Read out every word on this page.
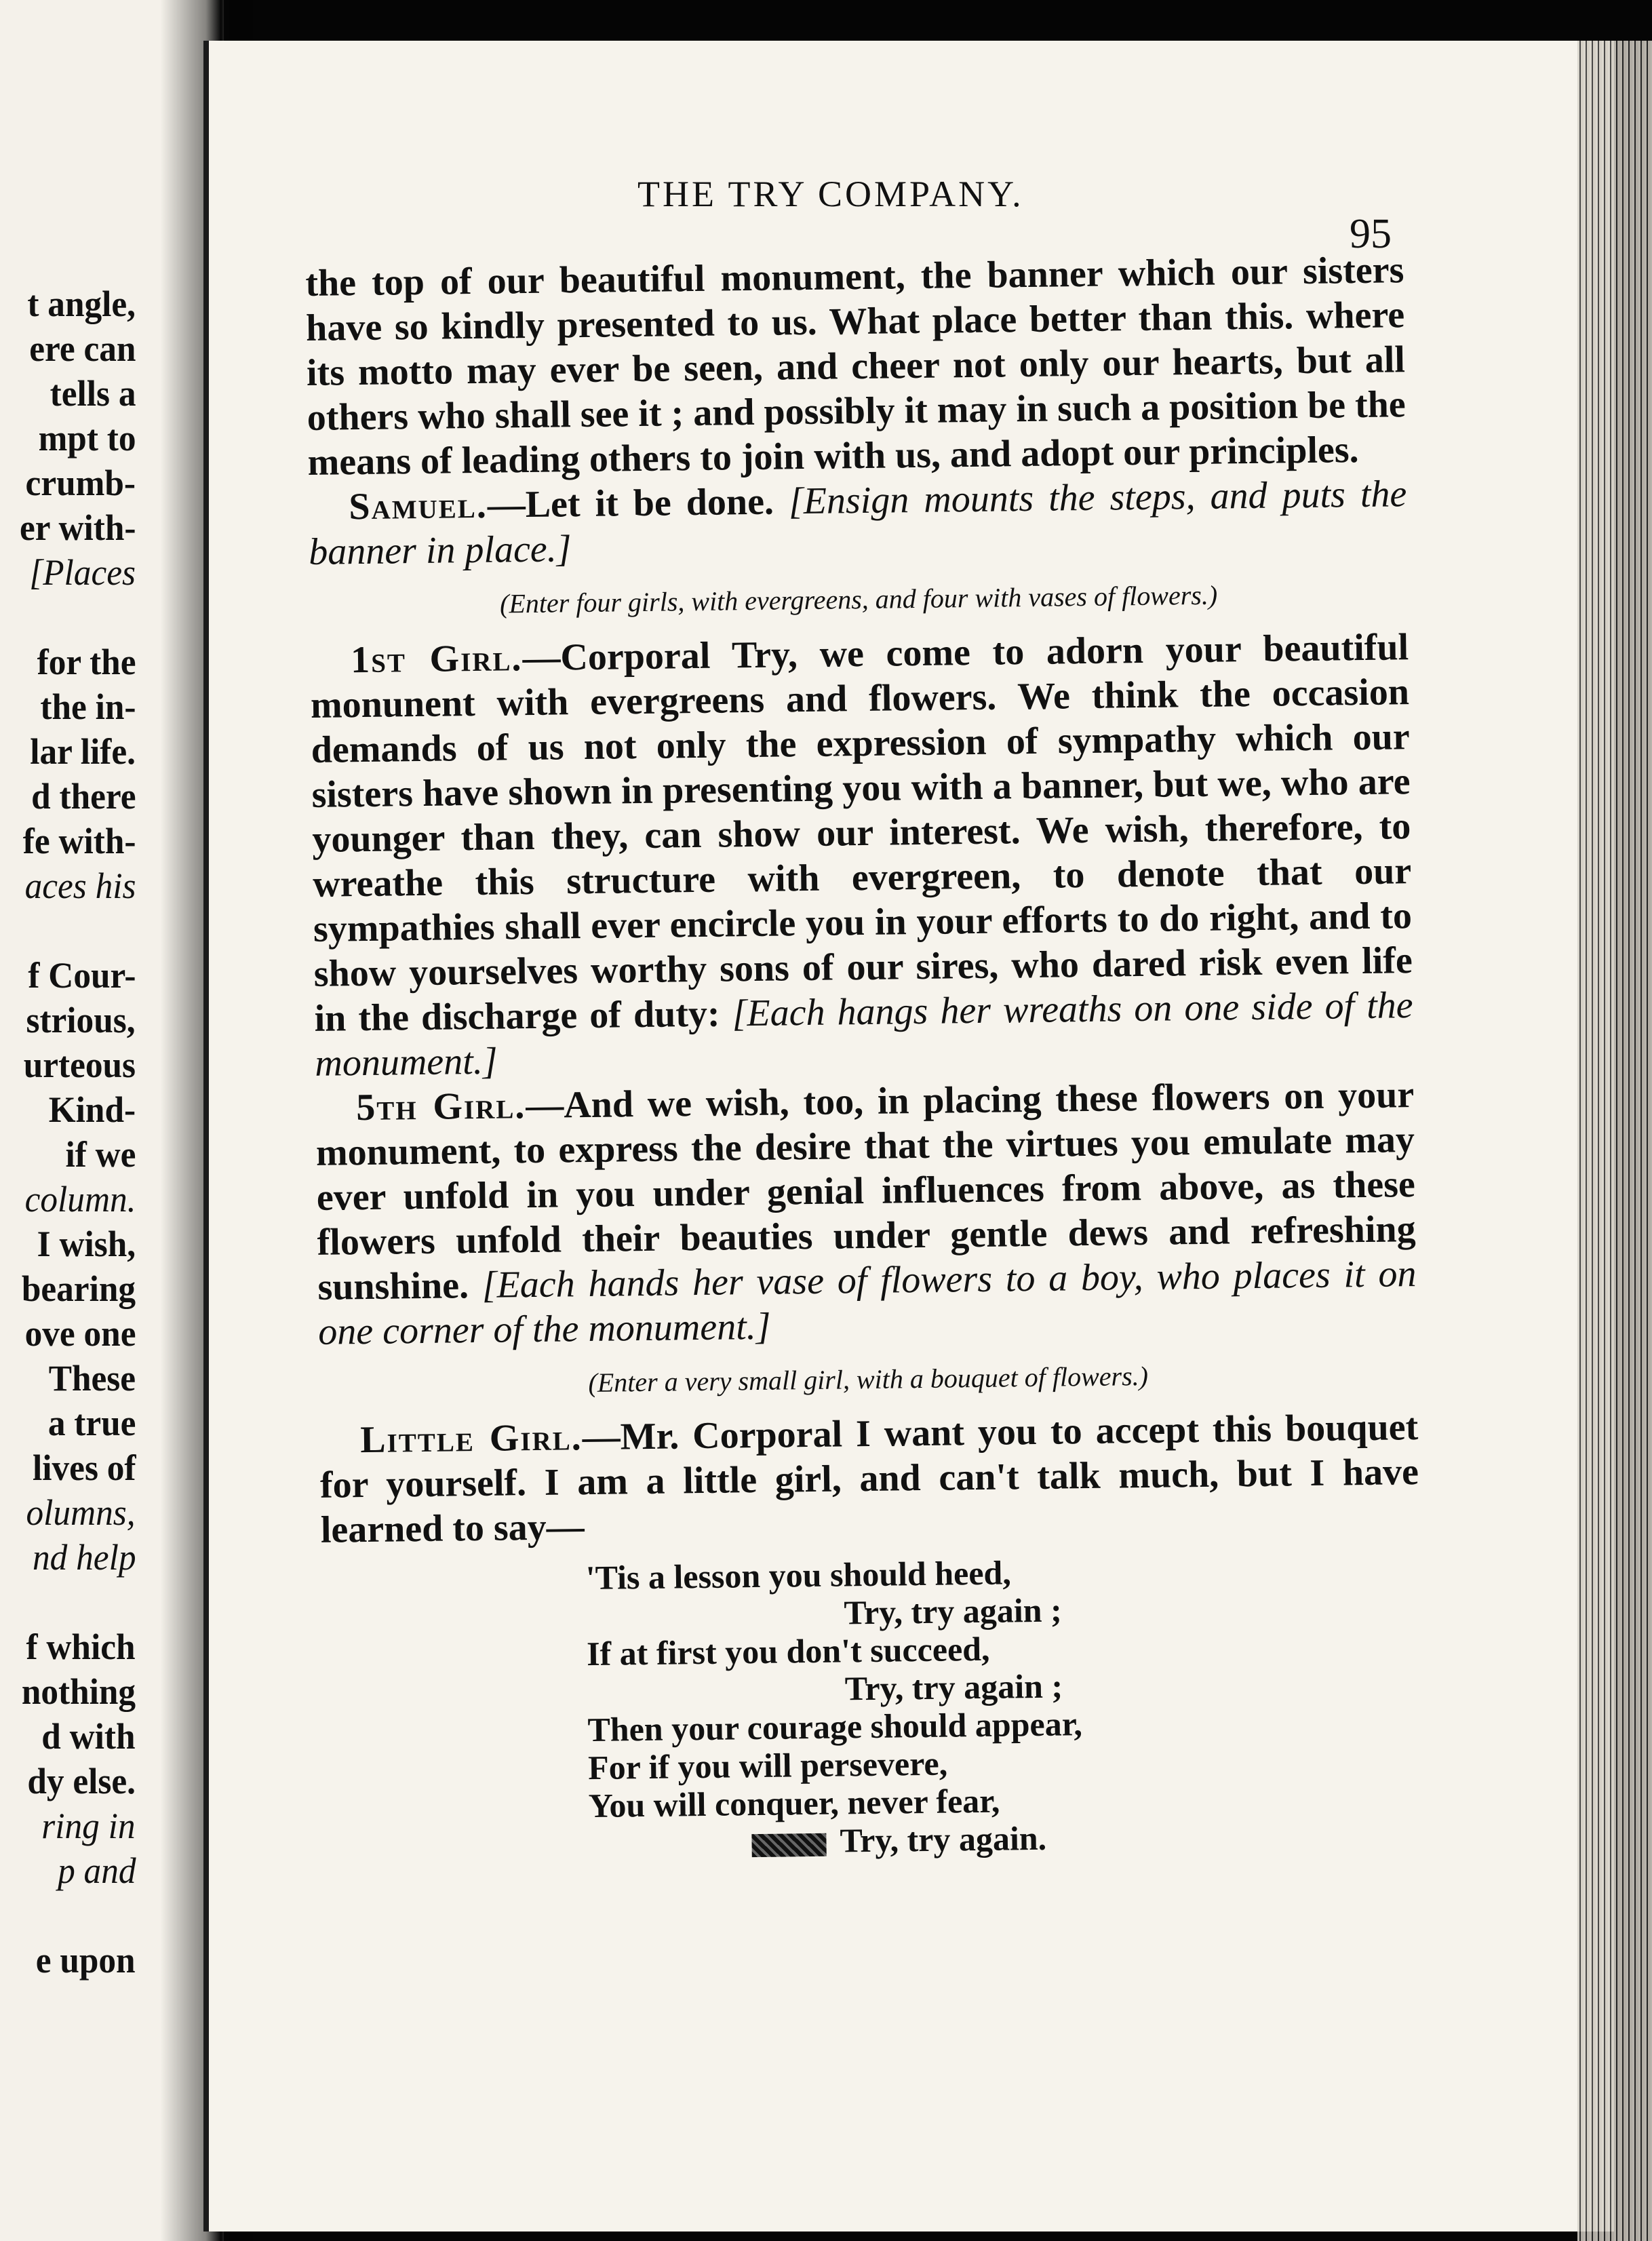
t angle,
ere can
tells a
mpt to
crumb-
er with-
[Places
for the
the in-
lar life.
d there
fe with-
aces his
f Cour-
strious,
urteous
Kind-
if we
column.
I wish,
bearing
ove one
These
a true
lives of
olumns,
nd help
f which
nothing
d with
dy else.
ring in
p and
e upon
THE TRY COMPANY.
95

the top of our beautiful monument, the banner which our sisters have so kindly presented to us. What place better than this. where its motto may ever be seen, and cheer not only our hearts, but all others who shall see it ; and possibly it may in such a position be the means of leading others to join with us, and adopt our principles.

Samuel.—Let it be done. [Ensign mounts the steps, and puts the banner in place.]

(Enter four girls, with evergreens, and four with vases of flowers.)

1st Girl.—Corporal Try, we come to adorn your beautiful monunent with evergreens and flowers. We think the occasion demands of us not only the expression of sympathy which our sisters have shown in presenting you with a banner, but we, who are younger than they, can show our interest. We wish, therefore, to wreathe this structure with evergreen, to denote that our sympathies shall ever encircle you in your efforts to do right, and to show yourselves worthy sons of our sires, who dared risk even life in the discharge of duty: [Each hangs her wreaths on one side of the monument.]

5th Girl.—And we wish, too, in placing these flowers on your monument, to express the desire that the virtues you emulate may ever unfold in you under genial influences from above, as these flowers unfold their beauties under gentle dews and refreshing sunshine. [Each hands her vase of flowers to a boy, who places it on one corner of the monument.]

(Enter a very small girl, with a bouquet of flowers.)

Little Girl.—Mr. Corporal I want you to accept this bouquet for yourself. I am a little girl, and can't talk much, but I have learned to say—

'Tis a lesson you should heed,
Try, try again ;
If at first you don't succeed,
Try, try again ;
Then your courage should appear,
For if you will persevere,
You will conquer, never fear,
Try, try again.
